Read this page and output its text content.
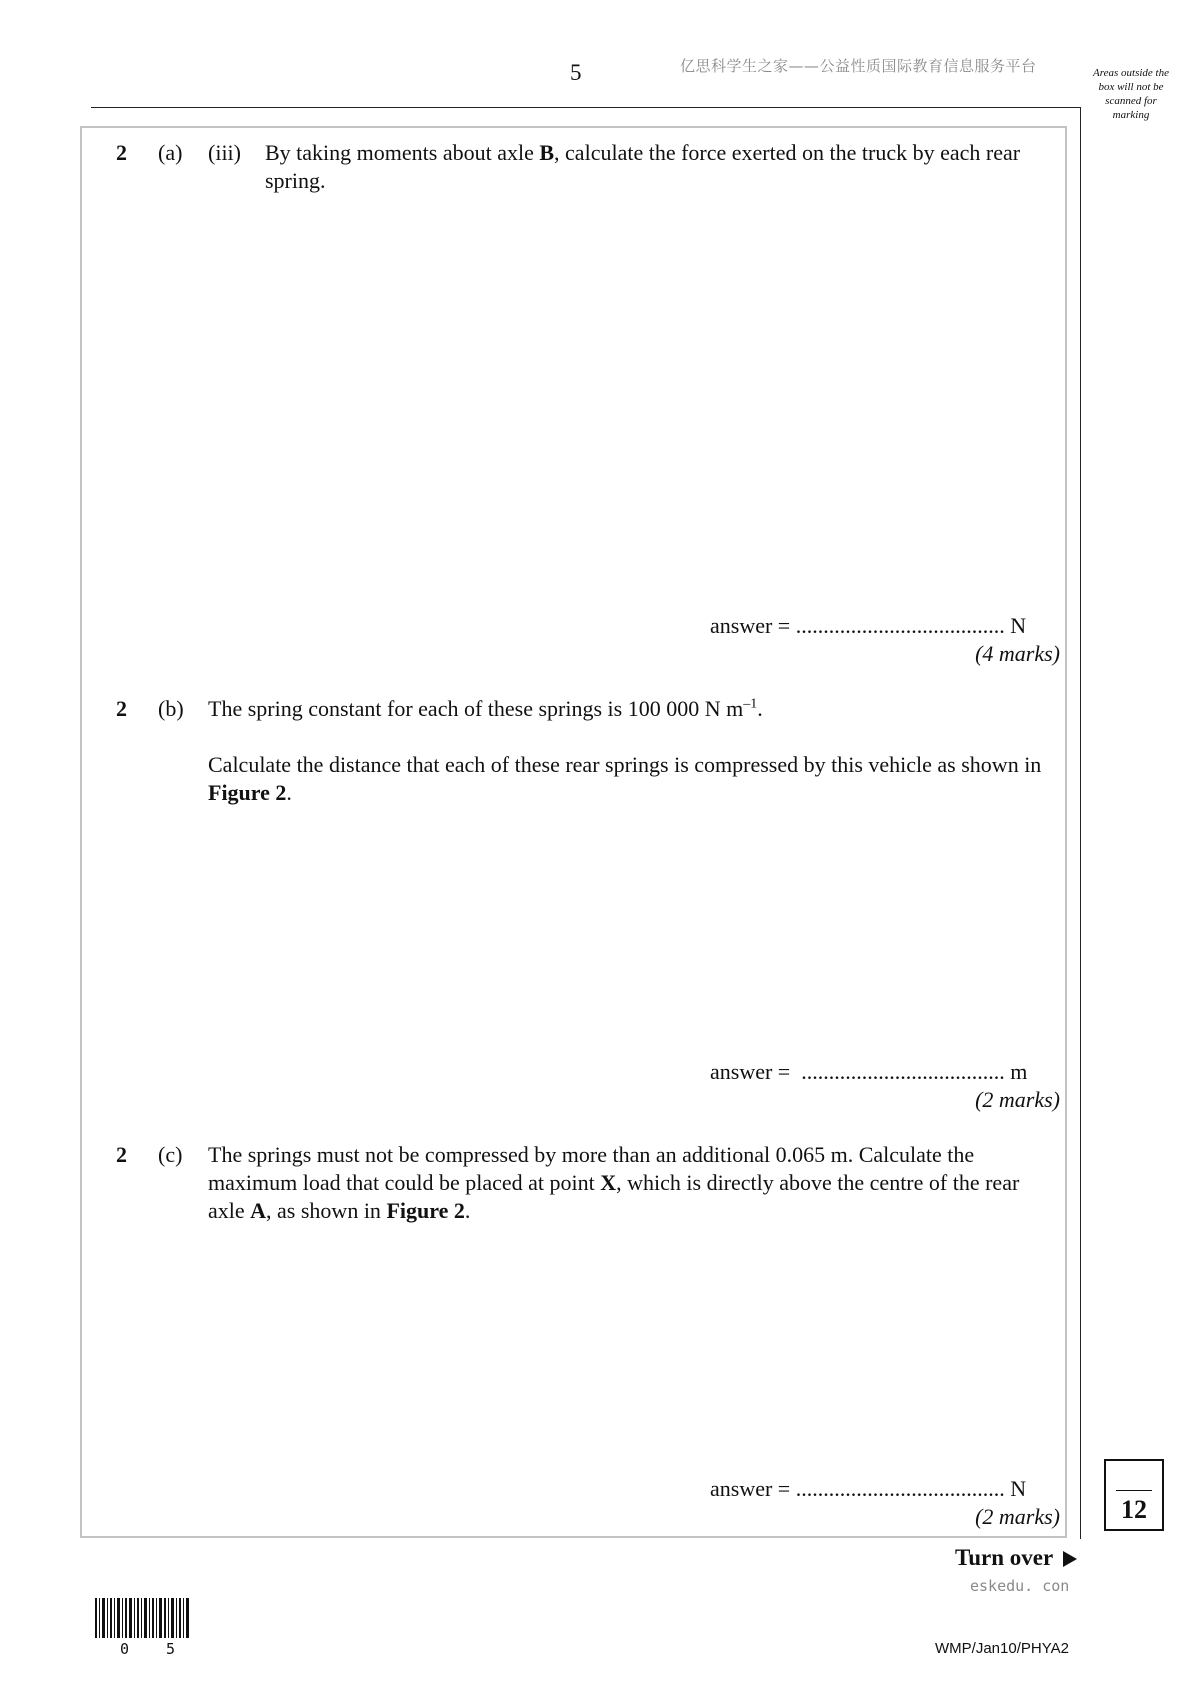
5	亿思科学生之家——公益性质国际教育信息服务平台	Areas outside the box will not be scanned for marking
2 (a) (iii) By taking moments about axle B, calculate the force exerted on the truck by each rear spring.
answer = ...................................... N
(4 marks)
2 (b) The spring constant for each of these springs is 100 000 N $m^{-1}$.
Calculate the distance that each of these rear springs is compressed by this vehicle as shown in Figure 2.
answer =  ..................................... m
(2 marks)
2 (c) The springs must not be compressed by more than an additional 0.065 m. Calculate the maximum load that could be placed at point X, which is directly above the centre of the rear axle A, as shown in Figure 2.
answer = ...................................... N
(2 marks)	12
Turn over
eskedu. con
0 5	WMP/Jan10/PHYA2
